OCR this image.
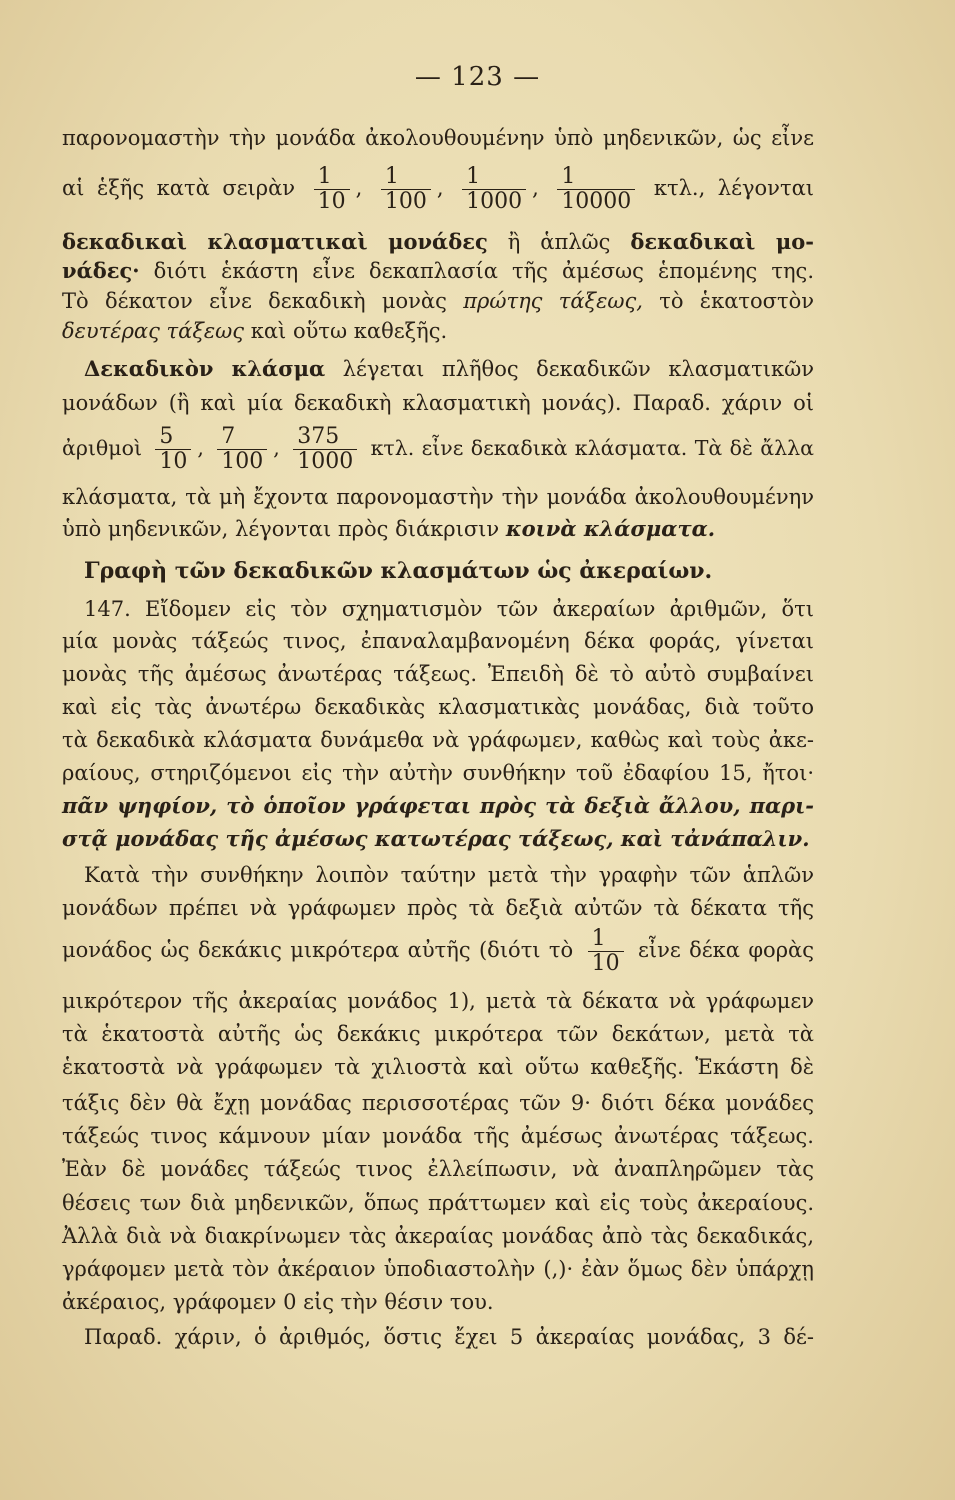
— 123 —
παρονομαστὴν τὴν μονάδα ἀκολουθουμένην ὑπὸ μηδενικῶν, ὡς εἶνε
αἱ ἑξῆς κατὰ σειρὰν $\frac{1}{10}$ , $\frac{1}{100}$ , $\frac{1}{1000}$ , $\frac{1}{10000} \kappa\tau\lambda$., λέγονται
δεκαδικαὶ κλασματικαὶ μονάδες ἢ ἁπλῶς δεκαδικαὶ μο-
νάδες· διότι ἑκάστη εἶνε δεκαπλασία τῆς ἀμέσως ἑπομένης της.
Τὸ δέκατον εἶνε δεκαδικὴ μονὰς πρώτης τάξεως, τὸ ἑκατοστὸν
δευτέρας τάξεως καὶ οὕτω καθεξῆς.
Δεκαδικὸν κλάσμα λέγεται πλῆθος δεκαδικῶν κλασματικῶν
μονάδων (ἢ καὶ μία δεκαδικὴ κλασματικὴ μονάς). Παραδ. χάριν οἱ
ἀριθμοὶ $\frac{5}{10}$ , $\frac{7}{100}$ , $\frac{375}{1000} \kappa\tau\lambda$. εἶνε δεκαδικὰ κλάσματα. Τὰ δὲ ἄλλα
κλάσματα, τὰ μὴ ἔχοντα παρονομαστὴν τὴν μονάδα ἀκολουθουμένην
ὑπὸ μηδενικῶν, λέγονται πρὸς διάκρισιν κοινὰ κλάσματα.
Γραφὴ τῶν δεκαδικῶν κλασμάτων ὡς ἀκεραίων.
147. Εἴδομεν εἰς τὸν σχηματισμὸν τῶν ἀκεραίων ἀριθμῶν, ὅτι
μία μονὰς τάξεώς τινος, ἐπαναλαμβανομένη δέκα φοράς, γίνεται
μονὰς τῆς ἀμέσως ἀνωτέρας τάξεως. Ἐπειδὴ δὲ τὸ αὐτὸ συμβαίνει
καὶ εἰς τὰς ἀνωτέρω δεκαδικὰς κλασματικὰς μονάδας, διὰ τοῦτο
τὰ δεκαδικὰ κλάσματα δυνάμεθα νὰ γράφωμεν, καθὼς καὶ τοὺς ἀκε-
ραίους, στηριζόμενοι εἰς τὴν αὐτὴν συνθήκην τοῦ ἐδαφίου 15, ἤτοι·
πᾶν ψηφίον, τὸ ὁποῖον γράφεται πρὸς τὰ δεξιὰ ἄλλου, παρι-
στᾷ μονάδας τῆς ἀμέσως κατωτέρας τάξεως, καὶ τἀνάπαλιν.
Κατὰ τὴν συνθήκην λοιπὸν ταύτην μετὰ τὴν γραφὴν τῶν ἁπλῶν
μονάδων πρέπει νὰ γράφωμεν πρὸς τὰ δεξιὰ αὐτῶν τὰ δέκατα τῆς
μονάδος ὡς δεκάκις μικρότερα αὐτῆς (διότι τὸ $\frac{1}{10}$ εἶνε δέκα φορὰς
μικρότερον τῆς ἀκεραίας μονάδος 1), μετὰ τὰ δέκατα νὰ γράφωμεν
τὰ ἑκατοστὰ αὐτῆς ὡς δεκάκις μικρότερα τῶν δεκάτων, μετὰ τὰ
ἑκατοστὰ νὰ γράφωμεν τὰ χιλιοστὰ καὶ οὕτω καθεξῆς. Ἑκάστη δὲ
τάξις δὲν θὰ ἔχῃ μονάδας περισσοτέρας τῶν 9· διότι δέκα μονάδες
τάξεώς τινος κάμνουν μίαν μονάδα τῆς ἀμέσως ἀνωτέρας τάξεως.
Ἐὰν δὲ μονάδες τάξεώς τινος ἐλλείπωσιν, νὰ ἀναπληρῶμεν τὰς
θέσεις των διὰ μηδενικῶν, ὅπως πράττωμεν καὶ εἰς τοὺς ἀκεραίους.
Ἀλλὰ διὰ νὰ διακρίνωμεν τὰς ἀκεραίας μονάδας ἀπὸ τὰς δεκαδικάς,
γράφομεν μετὰ τὸν ἀκέραιον ὑποδιαστολὴν (,)· ἐὰν ὅμως δὲν ὑπάρχῃ
ἀκέραιος, γράφομεν 0 εἰς τὴν θέσιν του.
Παραδ. χάριν, ὁ ἀριθμός, ὅστις ἔχει 5 ἀκεραίας μονάδας, 3 δέ-
